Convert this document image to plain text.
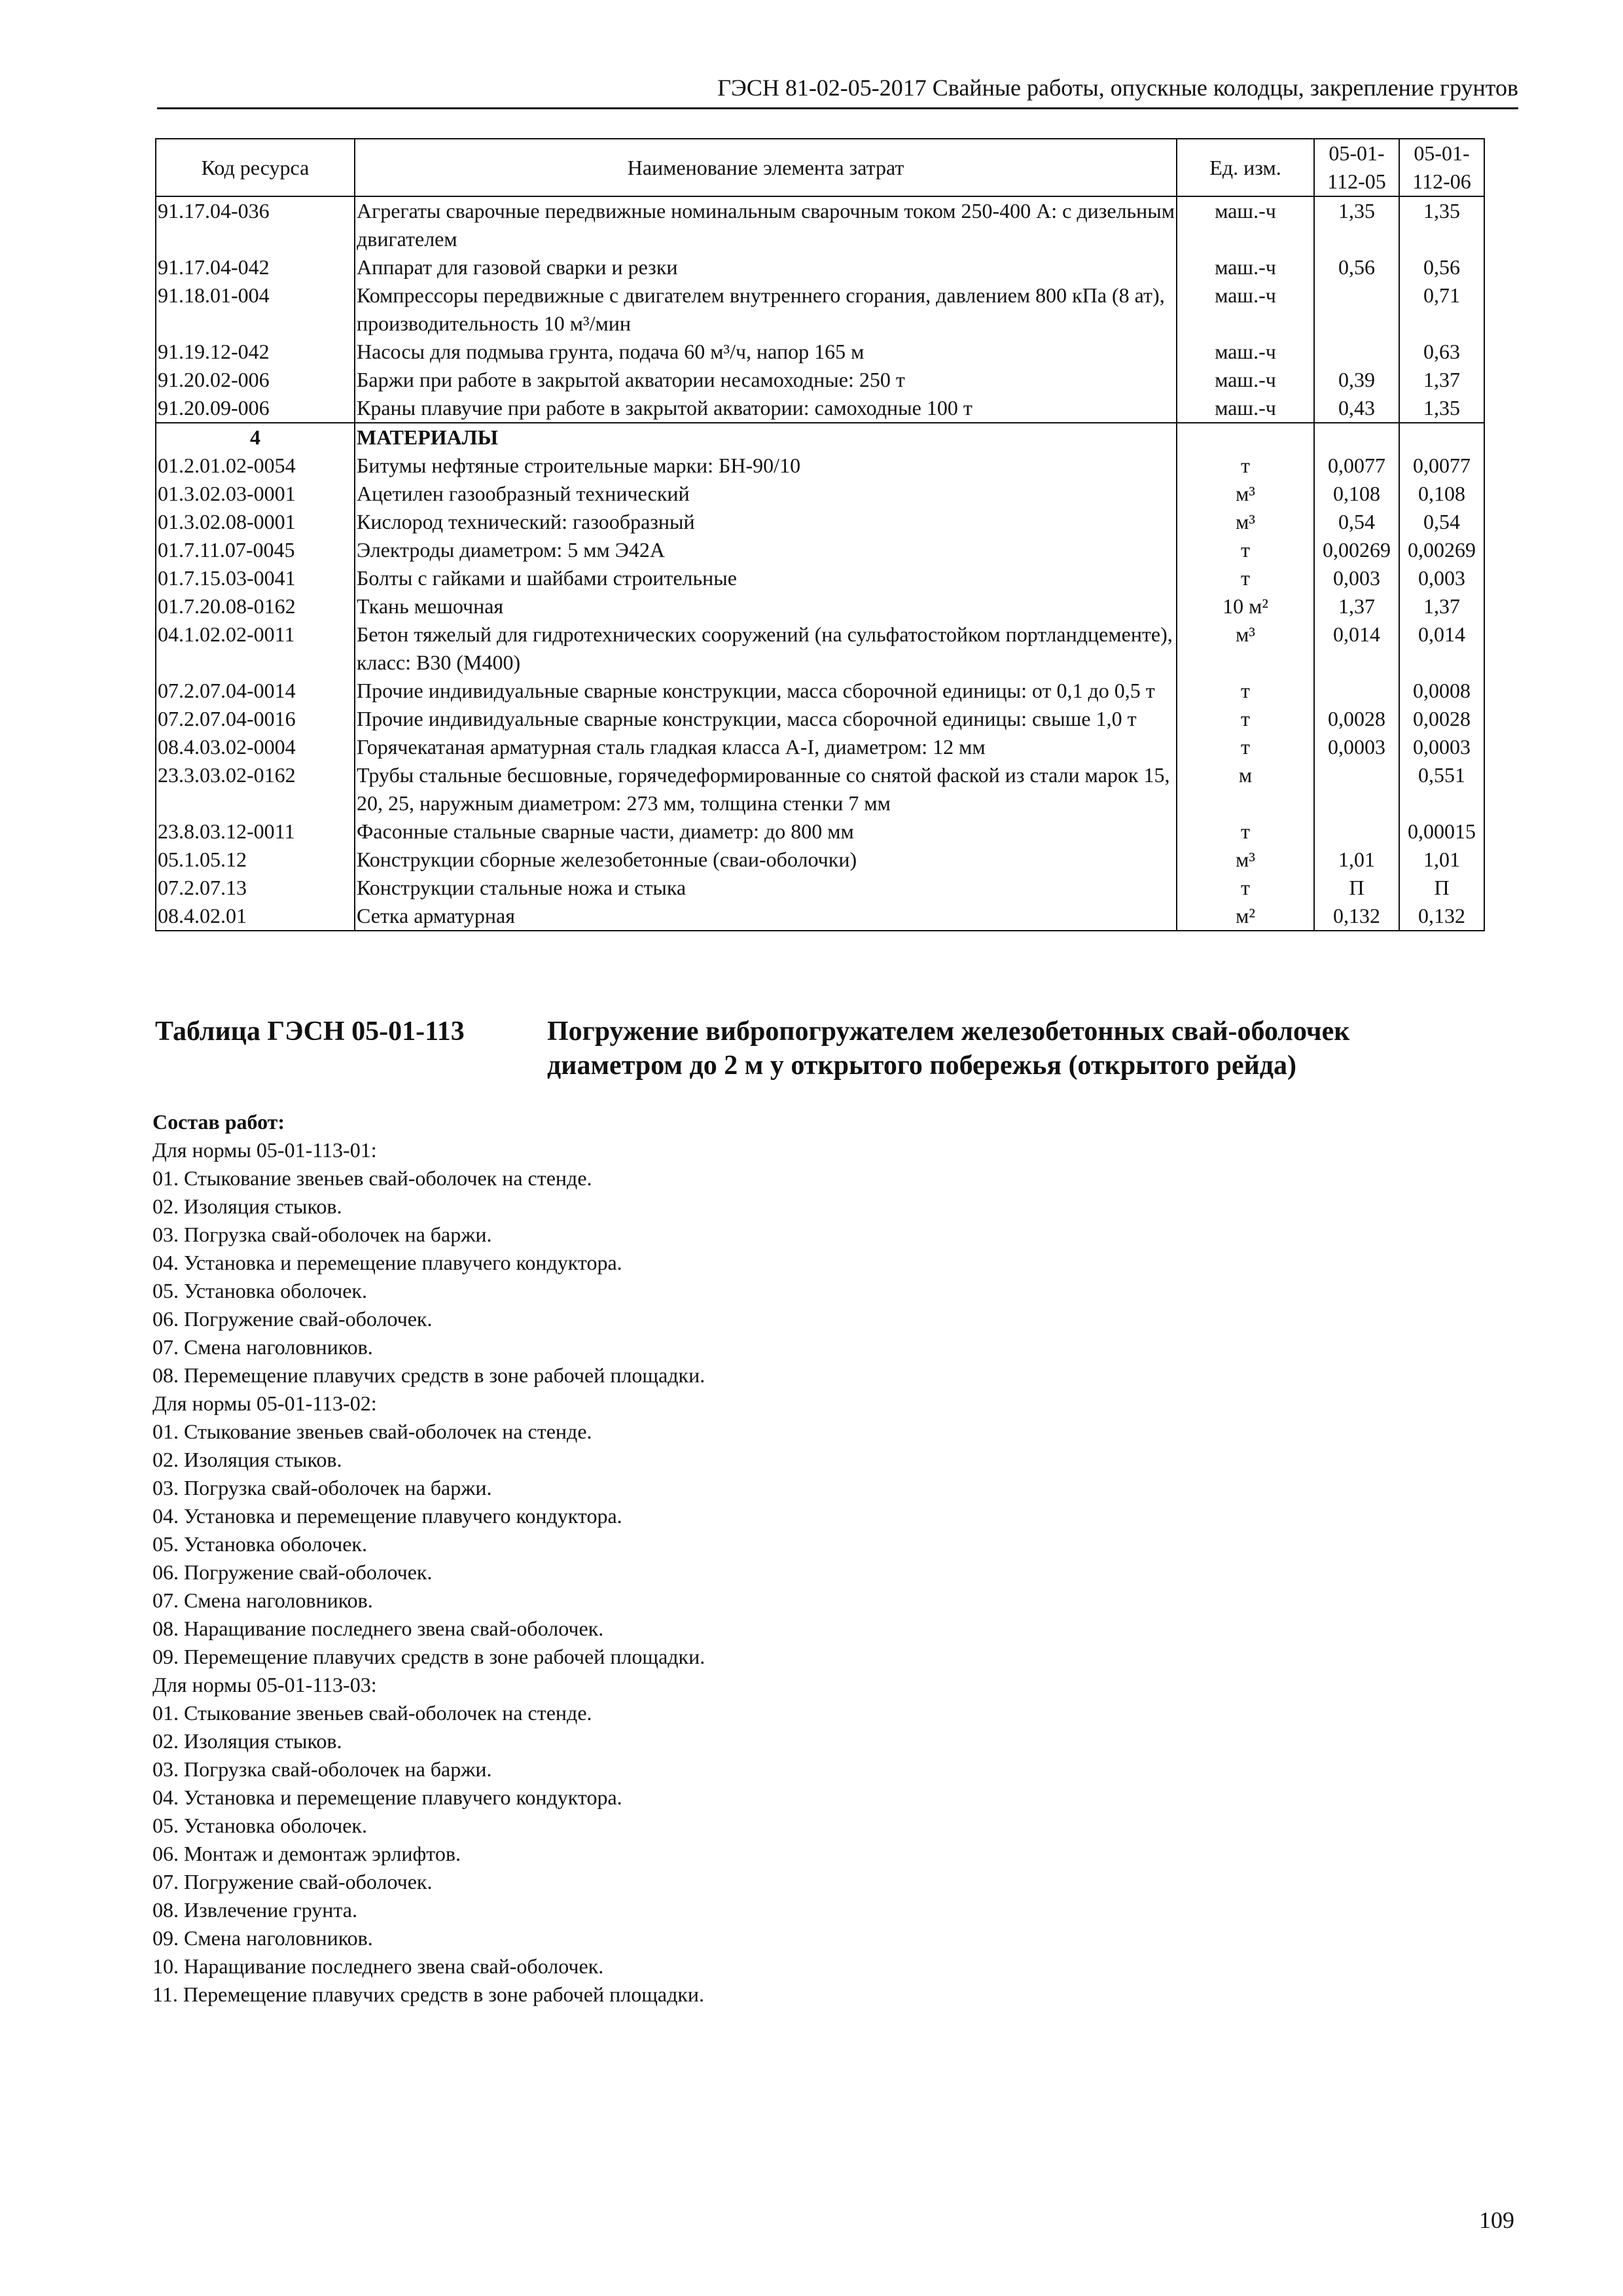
ГЭСН 81-02-05-2017 Свайные работы, опускные колодцы, закрепление грунтов
Код ресурса	Наименование элемента затрат	Ед. изм.	05-01-112-05	05-01-112-06
91.17.04-036	Агрегаты сварочные передвижные номинальным сварочным током 250-400 А: с дизельным двигателем	маш.-ч	1,35	1,35
91.17.04-042	Аппарат для газовой сварки и резки	маш.-ч	0,56	0,56
91.18.01-004	Компрессоры передвижные с двигателем внутреннего сгорания, давлением 800 кПа (8 ат), производительность 10 м³/мин	маш.-ч		0,71
91.19.12-042	Насосы для подмыва грунта, подача 60 м³/ч, напор 165 м	маш.-ч		0,63
91.20.02-006	Баржи при работе в закрытой акватории несамоходные: 250 т	маш.-ч	0,39	1,37
91.20.09-006	Краны плавучие при работе в закрытой акватории: самоходные 100 т	маш.-ч	0,43	1,35
4	МАТЕРИАЛЫ			
01.2.01.02-0054	Битумы нефтяные строительные марки: БН-90/10	т	0,0077	0,0077
01.3.02.03-0001	Ацетилен газообразный технический	м³	0,108	0,108
01.3.02.08-0001	Кислород технический: газообразный	м³	0,54	0,54
01.7.11.07-0045	Электроды диаметром: 5 мм Э42А	т	0,00269	0,00269
01.7.15.03-0041	Болты с гайками и шайбами строительные	т	0,003	0,003
01.7.20.08-0162	Ткань мешочная	10 м²	1,37	1,37
04.1.02.02-0011	Бетон тяжелый для гидротехнических сооружений (на сульфатостойком портландцементе), класс: В30 (М400)	м³	0,014	0,014
07.2.07.04-0014	Прочие индивидуальные сварные конструкции, масса сборочной единицы: от 0,1 до 0,5 т	т		0,0008
07.2.07.04-0016	Прочие индивидуальные сварные конструкции, масса сборочной единицы: свыше 1,0 т	т	0,0028	0,0028
08.4.03.02-0004	Горячекатаная арматурная сталь гладкая класса А-I, диаметром: 12 мм	т	0,0003	0,0003
23.3.03.02-0162	Трубы стальные бесшовные, горячедеформированные со снятой фаской из стали марок 15, 20, 25, наружным диаметром: 273 мм, толщина стенки 7 мм	м		0,551
23.8.03.12-0011	Фасонные стальные сварные части, диаметр: до 800 мм	т		0,00015
05.1.05.12	Конструкции сборные железобетонные (сваи-оболочки)	м³	1,01	1,01
07.2.07.13	Конструкции стальные ножа и стыка	т	П	П
08.4.02.01	Сетка арматурная	м²	0,132	0,132
Таблица ГЭСН 05-01-113	Погружение вибропогружателем железобетонных свай-оболочек диаметром до 2 м у открытого побережья (открытого рейда)
Состав работ:
Для нормы 05-01-113-01:
01. Стыкование звеньев свай-оболочек на стенде.
02. Изоляция стыков.
03. Погрузка свай-оболочек на баржи.
04. Установка и перемещение плавучего кондуктора.
05. Установка оболочек.
06. Погружение свай-оболочек.
07. Смена наголовников.
08. Перемещение плавучих средств в зоне рабочей площадки.
Для нормы 05-01-113-02:
01. Стыкование звеньев свай-оболочек на стенде.
02. Изоляция стыков.
03. Погрузка свай-оболочек на баржи.
04. Установка и перемещение плавучего кондуктора.
05. Установка оболочек.
06. Погружение свай-оболочек.
07. Смена наголовников.
08. Наращивание последнего звена свай-оболочек.
09. Перемещение плавучих средств в зоне рабочей площадки.
Для нормы 05-01-113-03:
01. Стыкование звеньев свай-оболочек на стенде.
02. Изоляция стыков.
03. Погрузка свай-оболочек на баржи.
04. Установка и перемещение плавучего кондуктора.
05. Установка оболочек.
06. Монтаж и демонтаж эрлифтов.
07. Погружение свай-оболочек.
08. Извлечение грунта.
09. Смена наголовников.
10. Наращивание последнего звена свай-оболочек.
11. Перемещение плавучих средств в зоне рабочей площадки.
109
